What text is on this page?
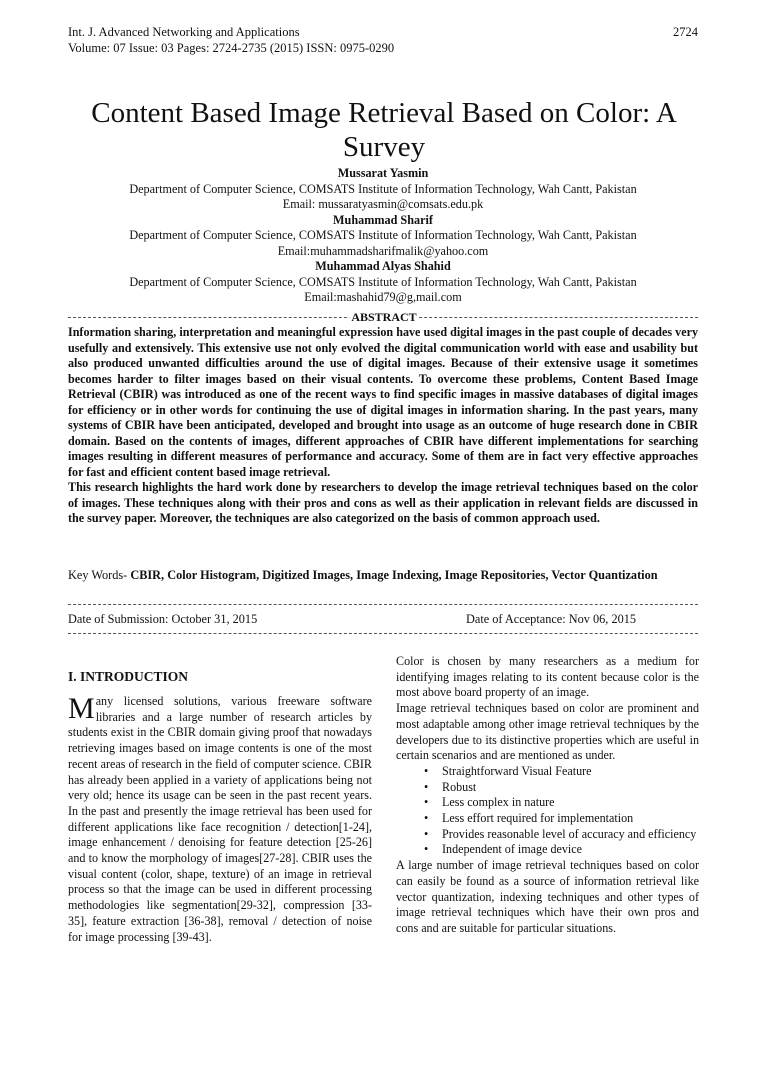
Int. J. Advanced Networking and Applications
Volume: 07 Issue: 03 Pages: 2724-2735 (2015) ISSN: 0975-0290
2724
Content Based Image Retrieval Based on Color: A Survey
Mussarat Yasmin
Department of Computer Science, COMSATS Institute of Information Technology, Wah Cantt, Pakistan
Email: mussaratyasmin@comsats.edu.pk
Muhammad Sharif
Department of Computer Science, COMSATS Institute of Information Technology, Wah Cantt, Pakistan
Email:muhammadsharifmalik@yahoo.com
Muhammad Alyas Shahid
Department of Computer Science, COMSATS Institute of Information Technology, Wah Cantt, Pakistan
Email:mashahid79@g,mail.com
ABSTRACT

Information sharing, interpretation and meaningful expression have used digital images in the past couple of decades very usefully and extensively. This extensive use not only evolved the digital communication world with ease and usability but also produced unwanted difficulties around the use of digital images. Because of their extensive usage it sometimes becomes harder to filter images based on their visual contents. To overcome these problems, Content Based Image Retrieval (CBIR) was introduced as one of the recent ways to find specific images in massive databases of digital images for efficiency or in other words for continuing the use of digital images in information sharing. In the past years, many systems of CBIR have been anticipated, developed and brought into usage as an outcome of huge research done in CBIR domain. Based on the contents of images, different approaches of CBIR have different implementations for searching images resulting in different measures of performance and accuracy. Some of them are in fact very effective approaches for fast and efficient content based image retrieval.

This research highlights the hard work done by researchers to develop the image retrieval techniques based on the color of images. These techniques along with their pros and cons as well as their application in relevant fields are discussed in the survey paper. Moreover, the techniques are also categorized on the basis of common approach used.

Key Words- CBIR, Color Histogram, Digitized Images, Image Indexing, Image Repositories, Vector Quantization
Date of Submission: October 31, 2015	Date of Acceptance: Nov 06, 2015
I. INTRODUCTION

Many licensed solutions, various freeware software libraries and a large number of research articles by students exist in the CBIR domain giving proof that nowadays retrieving images based on image contents is one of the most recent areas of research in the field of computer science. CBIR has already been applied in a variety of applications being not very old; hence its usage can be seen in the past recent years. In the past and presently the image retrieval has been used for different applications like face recognition / detection[1-24], image enhancement / denoising for feature detection [25-26] and to know the morphology of images[27-28]. CBIR uses the visual content (color, shape, texture) of an image in retrieval process so that the image can be used in different processing methodologies like segmentation[29-32], compression [33-35], feature extraction [36-38], removal / detection of noise for image processing [39-43].

Color is chosen by many researchers as a medium for identifying images relating to its content because color is the most above board property of an image.

Image retrieval techniques based on color are prominent and most adaptable among other image retrieval techniques by the developers due to its distinctive properties which are useful in certain scenarios and are mentioned as under.

• Straightforward Visual Feature
• Robust
• Less complex in nature
• Less effort required for implementation
• Provides reasonable level of accuracy and efficiency
• Independent of image device

A large number of image retrieval techniques based on color can easily be found as a source of information retrieval like vector quantization, indexing techniques and other types of image retrieval techniques which have their own pros and cons and are suitable for particular situations.
